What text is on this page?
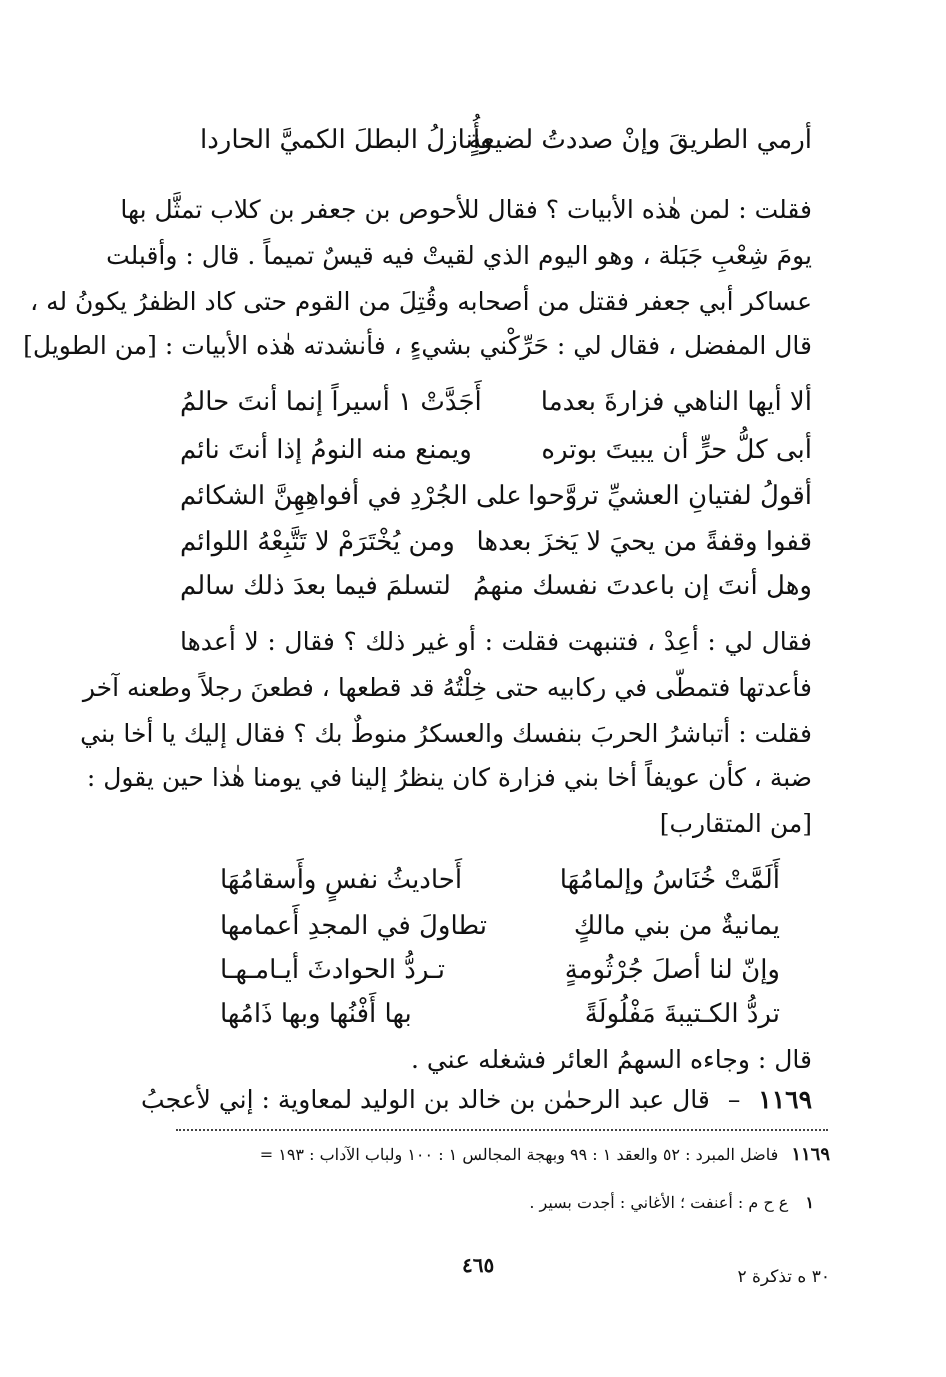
أرمي الطريقَ وإنْ صددتُ لضيعةٍ
وأُنازلُ البطلَ الكميَّ الحاردا
فقلت : لمن هٰذه الأبيات ؟ فقال للأحوص بن جعفر بن كلاب تمثَّل بها
يومَ شِعْبِ جَبَلة ، وهو اليوم الذي لقيتْ فيه قيسٌ تميماً . قال : وأقبلت
عساكر أبي جعفر فقتل من أصحابه وقُتِلَ من القوم حتى كاد الظفرُ يكونُ له ،
قال المفضل ، فقال لي : حَرِّكْني بشيءٍ ، فأنشدته هٰذه الأبيات : [من الطويل]
ألا أيها الناهي فزارةَ بعدما
أَجَدَّتْ ١ أسيراً إنما أنتَ حالمُ
أبى كلُّ حرٍّ أن يبيتَ بوتره
ويمنع منه النومُ إذا أنتَ نائم
أقولُ لفتيانِ العشيِّ تروَّحوا
على الجُرْدِ في أفواهِهِنَّ الشكائم
قفوا وقفةً من يحيَ لا يَخزَ بعدها
ومن يُخْتَرَمْ لا تَتَّبِعْهُ اللوائم
وهل أنتَ إن باعدتَ نفسك منهمُ
لتسلمَ فيما بعدَ ذلك سالم
فقال لي : أعِدْ ، فتنبهت فقلت : أو غير ذلك ؟ فقال : لا أعدها
فأعدتها فتمطّى في ركابيه حتى خِلْتُهُ قد قطعها ، فطعنَ رجلاً وطعنه آخر
فقلت : أتباشرُ الحربَ بنفسك والعسكرُ منوطٌ بك ؟ فقال إليك يا أخا بني
ضبة ، كأن عويفاً أخا بني فزارة كان ينظرُ إلينا في يومنا هٰذا حين يقول :
[من المتقارب]
أَلَمَّتْ خُنَاسُ وإلمامُهَا
أَحاديثُ نفسٍ وأَسقامُهَا
يمانيةٌ من بني مالكٍ
تطاولَ في المجدِ أَعمامها
وإنّ لنا أصلَ جُرْثُومةٍ
تـردُّ الحوادثَ أيـامـهـا
تردُّ الكـتيبةَ مَفْلُولَةً
بها أَفْنُها وبها ذَامُها
قال : وجاءه السهمُ العائر فشغله عني .
١١٦٩ – قال عبد الرحمٰن بن خالد بن الوليد لمعاوية : إني لأعجبُ
١١٦٩ فاضل المبرد : ٥٢ والعقد ١ : ٩٩ وبهجة المجالس ١ : ١٠٠ ولباب الآداب : ١٩٣ =
١ ع ح م : أعنفت ؛ الأغاني : أجدت بسير .
٤٦٥	٣٠ ه تذكرة ٢
